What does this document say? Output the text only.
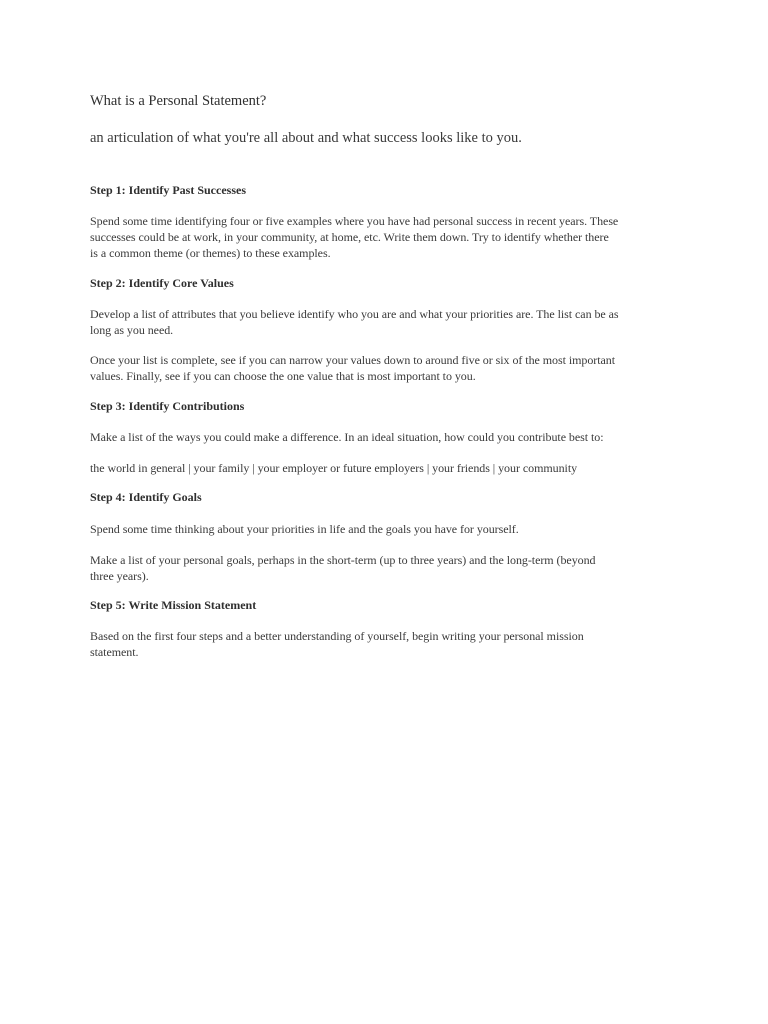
What is a Personal Statement?
an articulation of what you're all about and what success looks like to you.
Step 1: Identify Past Successes
Spend some time identifying four or five examples where you have had personal success in recent years. These
successes could be at work, in your community, at home, etc. Write them down. Try to identify whether there
is a common theme (or themes) to these examples.
Step 2: Identify Core Values
Develop a list of attributes that you believe identify who you are and what your priorities are. The list can be as
long as you need.
Once your list is complete, see if you can narrow your values down to around five or six of the most important
values. Finally, see if you can choose the one value that is most important to you.
Step 3: Identify Contributions
Make a list of the ways you could make a difference. In an ideal situation, how could you contribute best to:
the world in general | your family | your employer or future employers | your friends | your community
Step 4: Identify Goals
Spend some time thinking about your priorities in life and the goals you have for yourself.
Make a list of your personal goals, perhaps in the short-term (up to three years) and the long-term (beyond
three years).
Step 5: Write Mission Statement
Based on the first four steps and a better understanding of yourself, begin writing your personal mission
statement.
